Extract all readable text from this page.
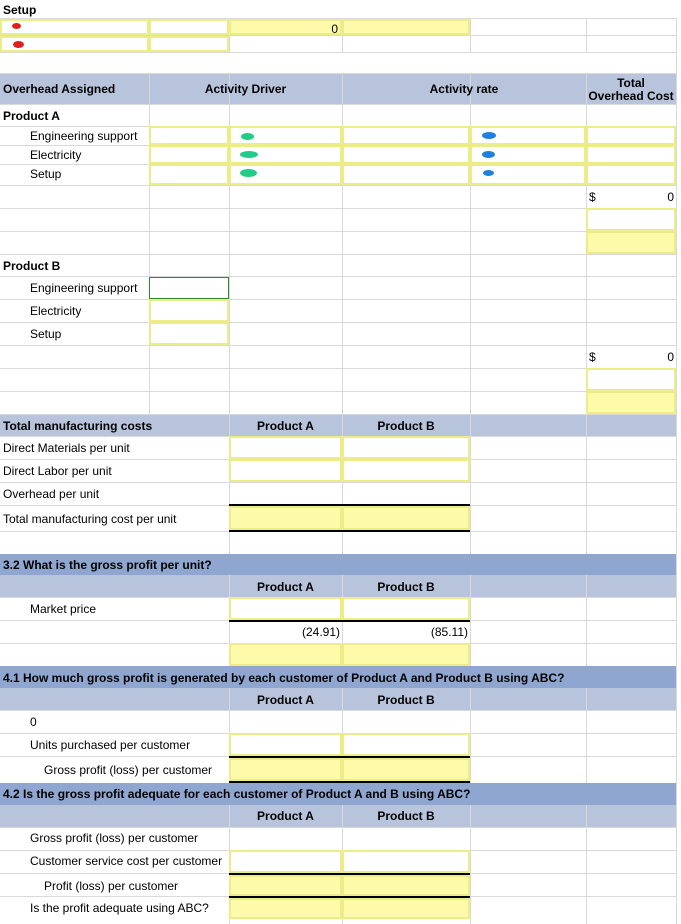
Setup
0
Overhead Assigned	Activity Driver	Activity rate	Total
Overhead Cost
Product A
Engineering support
Electricity
Setup
$	0
Product B
Engineering support
Electricity
Setup
$	0
Total manufacturing costs	Product A	Product B
Direct Materials per unit
Direct Labor per unit
Overhead per unit
Total manufacturing cost per unit
3.2 What is the gross profit per unit?
Product A	Product B
Market price
(24.91)	(85.11)
4.1 How much gross profit is generated by each customer of Product A and Product B using ABC?
Product A	Product B
0
Units purchased per customer
Gross profit (loss) per customer
4.2 Is the gross profit adequate for each customer of Product A and B using ABC?
Product A	Product B
Gross profit (loss) per customer
Customer service cost per customer
Profit (loss) per customer
Is the profit adequate using ABC?
